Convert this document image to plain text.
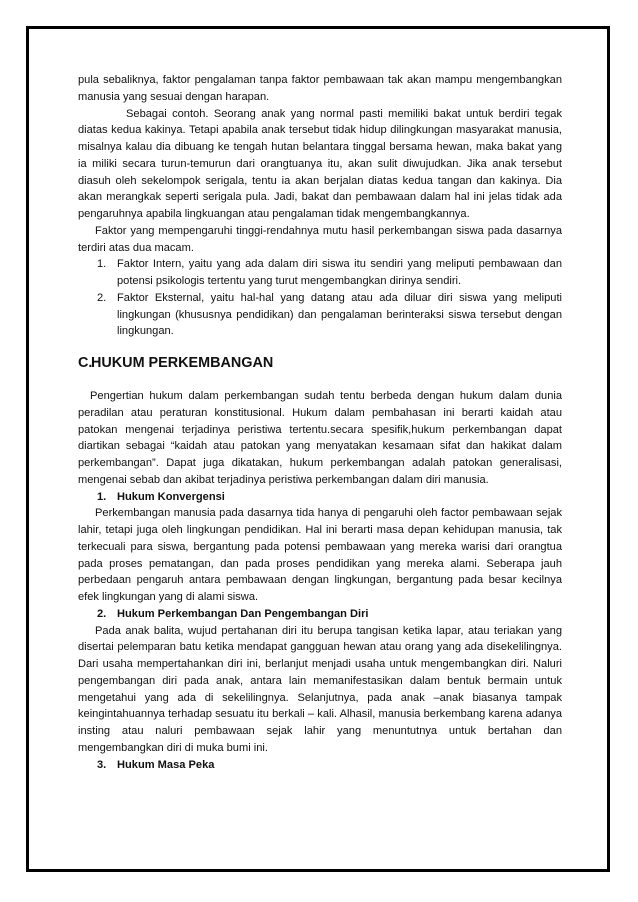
pula sebaliknya, faktor pengalaman tanpa faktor pembawaan tak akan mampu mengembangkan manusia yang sesuai dengan harapan.

Sebagai contoh. Seorang anak yang normal pasti memiliki bakat untuk berdiri tegak diatas kedua kakinya. Tetapi apabila anak tersebut tidak hidup dilingkungan masyarakat manusia, misalnya kalau dia dibuang ke tengah hutan belantara tinggal bersama hewan, maka bakat yang ia miliki secara turun-temurun dari orangtuanya itu, akan sulit diwujudkan. Jika anak tersebut diasuh oleh sekelompok serigala, tentu ia akan berjalan diatas kedua tangan dan kakinya. Dia akan merangkak seperti serigala pula. Jadi, bakat dan pembawaan dalam hal ini jelas tidak ada pengaruhnya apabila lingkuangan atau pengalaman tidak mengembangkannya.

Faktor yang mempengaruhi tinggi-rendahnya mutu hasil perkembangan siswa pada dasarnya terdiri atas dua macam.

1. Faktor Intern, yaitu yang ada dalam diri siswa itu sendiri yang meliputi pembawaan dan potensi psikologis tertentu yang turut mengembangkan dirinya sendiri.
2. Faktor Eksternal, yaitu hal-hal yang datang atau ada diluar diri siswa yang meliputi lingkungan (khususnya pendidikan) dan pengalaman berinteraksi siswa tersebut dengan lingkungan.
C.
HUKUM PERKEMBANGAN

Pengertian hukum dalam perkembangan sudah tentu berbeda dengan hukum dalam dunia peradilan atau peraturan konstitusional. Hukum dalam pembahasan ini berarti kaidah atau patokan mengenai terjadinya peristiwa tertentu.secara spesifik,hukum perkembangan dapat diartikan sebagai “kaidah atau patokan yang menyatakan kesamaan sifat dan hakikat dalam perkembangan”. Dapat juga dikatakan, hukum perkembangan adalah patokan generalisasi, mengenai sebab dan akibat terjadinya peristiwa perkembangan dalam diri manusia.

1. Hukum Konvergensi

Perkembangan manusia pada dasarnya tida hanya di pengaruhi oleh factor pembawaan sejak lahir, tetapi juga oleh lingkungan pendidikan. Hal ini berarti masa depan kehidupan manusia, tak terkecuali para siswa, bergantung pada potensi pembawaan yang mereka warisi dari orangtua pada proses pematangan, dan pada proses pendidikan yang mereka alami. Seberapa jauh perbedaan pengaruh antara pembawaan dengan lingkungan, bergantung pada besar kecilnya efek lingkungan yang di alami siswa.

2. Hukum Perkembangan Dan Pengembangan Diri

Pada anak balita, wujud pertahanan diri itu berupa tangisan ketika lapar, atau teriakan yang disertai pelemparan batu ketika mendapat gangguan hewan atau orang yang ada disekelilingnya. Dari usaha mempertahankan diri ini, berlanjut menjadi usaha untuk mengembangkan diri. Naluri pengembangan diri pada anak, antara lain memanifestasikan dalam bentuk bermain untuk mengetahui yang ada di sekelilingnya. Selanjutnya, pada anak –anak biasanya tampak keingintahuannya terhadap sesuatu itu berkali – kali. Alhasil, manusia berkembang karena adanya insting atau naluri pembawaan sejak lahir yang menuntutnya untuk bertahan dan mengembangkan diri di muka bumi ini.

3. Hukum Masa Peka
